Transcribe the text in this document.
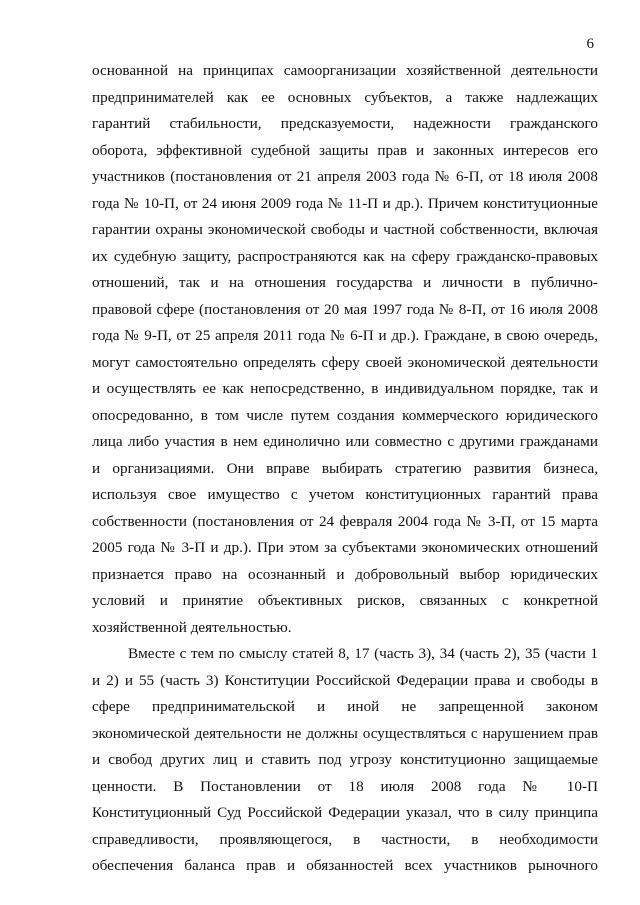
6
основанной на принципах самоорганизации хозяйственной деятельности
предпринимателей как ее основных субъектов, а также надлежащих
гарантий стабильности, предсказуемости, надежности гражданского
оборота, эффективной судебной защиты прав и законных интересов его
участников (постановления от 21 апреля 2003 года № 6-П, от 18 июля 2008
года № 10-П, от 24 июня 2009 года № 11-П и др.). Причем конституционные
гарантии охраны экономической свободы и частной собственности, включая
их судебную защиту, распространяются как на сферу гражданско-правовых
отношений, так и на отношения государства и личности в публично-
правовой сфере (постановления от 20 мая 1997 года № 8-П, от 16 июля 2008
года № 9-П, от 25 апреля 2011 года № 6-П и др.). Граждане, в свою очередь,
могут самостоятельно определять сферу своей экономической деятельности
и осуществлять ее как непосредственно, в индивидуальном порядке, так и
опосредованно, в том числе путем создания коммерческого юридического
лица либо участия в нем единолично или совместно с другими гражданами
и организациями. Они вправе выбирать стратегию развития бизнеса,
используя свое имущество с учетом конституционных гарантий права
собственности (постановления от 24 февраля 2004 года № 3-П, от 15 марта
2005 года № 3-П и др.). При этом за субъектами экономических отношений
признается право на осознанный и добровольный выбор юридических
условий и принятие объективных рисков, связанных с конкретной
хозяйственной деятельностью.
Вместе с тем по смыслу статей 8, 17 (часть 3), 34 (часть 2), 35 (части 1
и 2) и 55 (часть 3) Конституции Российской Федерации права и свободы в
сфере предпринимательской и иной не запрещенной законом
экономической деятельности не должны осуществляться с нарушением прав
и свобод других лиц и ставить под угрозу конституционно защищаемые
ценности. В Постановлении от 18 июля 2008 года № 10-П
Конституционный Суд Российской Федерации указал, что в силу принципа
справедливости, проявляющегося, в частности, в необходимости
обеспечения баланса прав и обязанностей всех участников рыночного
